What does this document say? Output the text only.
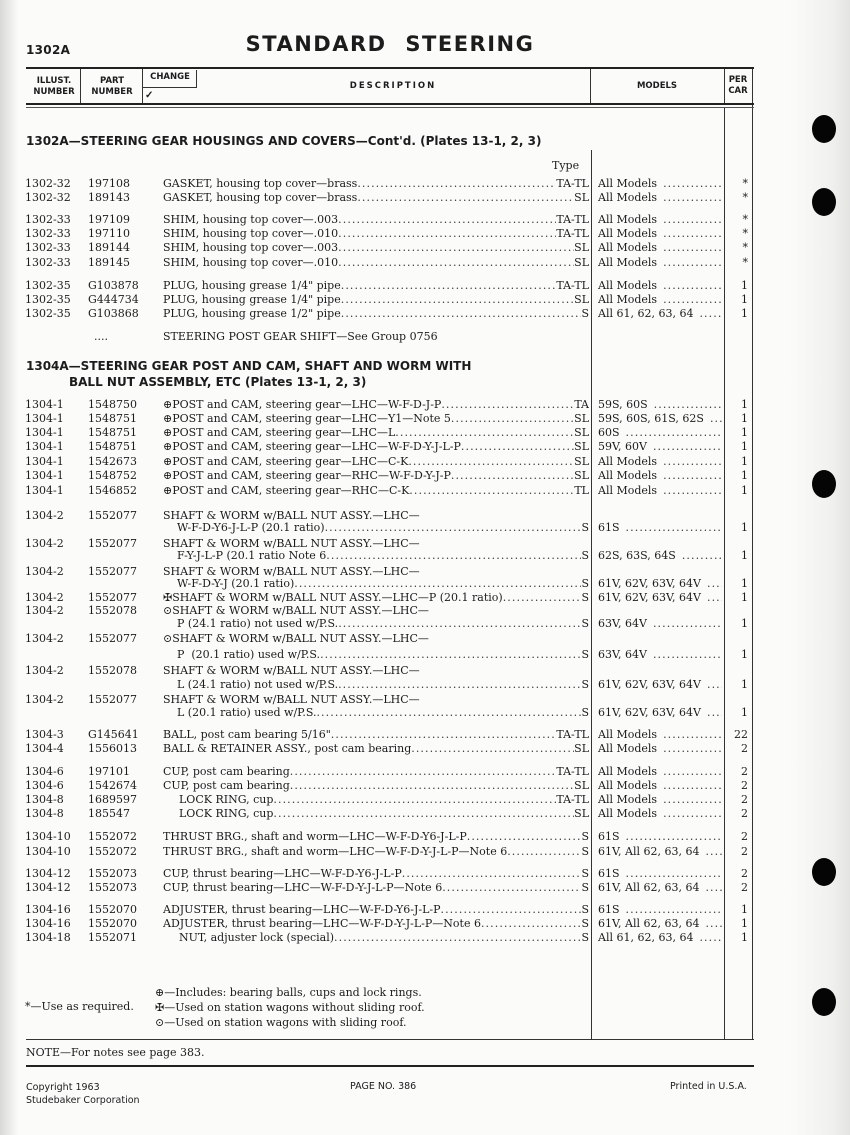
1302A	STANDARD STEERING
ILLUST.
NUMBER
PART
NUMBER
CHANGE
✓
DESCRIPTION	MODELS
PER
CAR
1302A—STEERING GEAR HOUSINGS AND COVERS—Cont'd. (Plates 13-1, 2, 3)
Type
1302-32	197108	GASKET, housing top cover—brass . . .	TA-TL All Models . . .	*
1302-32	189143	GASKET, housing top cover—brass . . .	SL All Models . . .	*
1302-33	197109	SHIM, housing top cover—.003 . . .	TA-TL All Models . . .	*
1302-33	197110	SHIM, housing top cover—.010 . . .	TA-TL All Models . . .	*
1302-33	189144	SHIM, housing top cover—.003 . . .	SL All Models . . .	*
1302-33	189145	SHIM, housing top cover—.010 . . .	SL All Models . . .	*
1302-35	G103878	PLUG, housing grease 1/4" pipe . . .	TA-TL All Models . . .	1
1302-35	G444734	PLUG, housing grease 1/4" pipe . . .	SL All Models . . .	1
1302-35	G103868	PLUG, housing grease 1/2" pipe . . .	S All 61, 62, 63, 64 . . .	1
....	STEERING POST GEAR SHIFT—See Group 0756
1304-1	1548750	⊕POST and CAM, steering gear—LHC—W-F-D-J-P . . .	TA 59S, 60S . . .	1
1304-1	1548751	⊕POST and CAM, steering gear—LHC—Y1—Note 5 . . .	SL 59S, 60S, 61S, 62S . . .	1
1304-1	1548751	⊕POST and CAM, steering gear—LHC—L . . .	SL 60S . . .	1
1304-1	1548751	⊕POST and CAM, steering gear—LHC—W-F-D-Y-J-L-P . . .	SL 59V, 60V . . .	1
1304-1	1542673	⊕POST and CAM, steering gear—LHC—C-K . . .	SL All Models . . .	1
1304-1	1548752	⊕POST and CAM, steering gear—RHC—W-F-D-Y-J-P . . .	SL All Models . . .	1
1304-1	1546852	⊕POST and CAM, steering gear—RHC—C-K . . .	TL All Models . . .	1
1304-2	1552077	SHAFT & WORM w/BALL NUT ASSY.—LHC—
W-F-D-Y6-J-L-P (20.1 ratio) . . .	S 61S . . .	1
1304-2	1552077	SHAFT & WORM w/BALL NUT ASSY.—LHC—
F-Y-J-L-P (20.1 ratio Note 6 . . .	S 62S, 63S, 64S . . .	1
1304-2	1552077	SHAFT & WORM w/BALL NUT ASSY.—LHC—
W-F-D-Y-J (20.1 ratio) . . .	S 61V, 62V, 63V, 64V . . .	1
1304-2	1552077	✠SHAFT & WORM w/BALL NUT ASSY.—LHC—P (20.1 ratio) . . .	S 61V, 62V, 63V, 64V . . .	1
1304-2	1552078	⊙SHAFT & WORM w/BALL NUT ASSY.—LHC—
P (24.1 ratio) not used w/P.S. . . .	S 63V, 64V . . .	1
1304-2	1552077	⊙SHAFT & WORM w/BALL NUT ASSY.—LHC—
P  (20.1 ratio) used w/P.S. . . .	S 63V, 64V . . .	1
1304-2	1552078	SHAFT & WORM w/BALL NUT ASSY.—LHC—
L (24.1 ratio) not used w/P.S. . . .	S 61V, 62V, 63V, 64V . . .	1
1304-2	1552077	SHAFT & WORM w/BALL NUT ASSY.—LHC—
L (20.1 ratio) used w/P.S. . . .	S 61V, 62V, 63V, 64V . . .	1
1304-3	G145641	BALL, post cam bearing 5/16" . . .	TA-TL All Models . . .	22
1304-4	1556013	BALL & RETAINER ASSY., post cam bearing . . .	SL All Models . . .	2
1304-6	197101	CUP, post cam bearing . . .	TA-TL All Models . . .	2
1304-6	1542674	CUP, post cam bearing . . .	SL All Models . . .	2
1304-8	1689597	LOCK RING, cup . . .	TA-TL All Models . . .	2
1304-8	185547	LOCK RING, cup . . .	SL All Models . . .	2
1304-10	1552072	THRUST BRG., shaft and worm—LHC—W-F-D-Y6-J-L-P . . .	S 61S . . .	2
1304-10	1552072	THRUST BRG., shaft and worm—LHC—W-F-D-Y-J-L-P—Note 6 . . .	S 61V, All 62, 63, 64 . . .	2
1304-12	1552073	CUP, thrust bearing—LHC—W-F-D-Y6-J-L-P . . .	S 61S . . .	2
1304-12	1552073	CUP, thrust bearing—LHC—W-F-D-Y-J-L-P—Note 6 . . .	S 61V, All 62, 63, 64 . . .	2
1304-16	1552070	ADJUSTER, thrust bearing—LHC—W-F-D-Y6-J-L-P . . .	S 61S . . .	1
1304-16	1552070	ADJUSTER, thrust bearing—LHC—W-F-D-Y-J-L-P—Note 6 . . .	S 61V, All 62, 63, 64 . . .	1
1304-18	1552071	NUT, adjuster lock (special) . . .	S All 61, 62, 63, 64 . . .	1
1304A—STEERING GEAR POST AND CAM, SHAFT AND WORM WITH
BALL NUT ASSEMBLY, ETC (Plates 13-1, 2, 3)
*—Use as required.
⊕—Includes: bearing balls, cups and lock rings.
✠—Used on station wagons without sliding roof.
⊙—Used on station wagons with sliding roof.
NOTE—For notes see page 383.
Copyright 1963
Studebaker Corporation
PAGE NO. 386	Printed in U.S.A.
